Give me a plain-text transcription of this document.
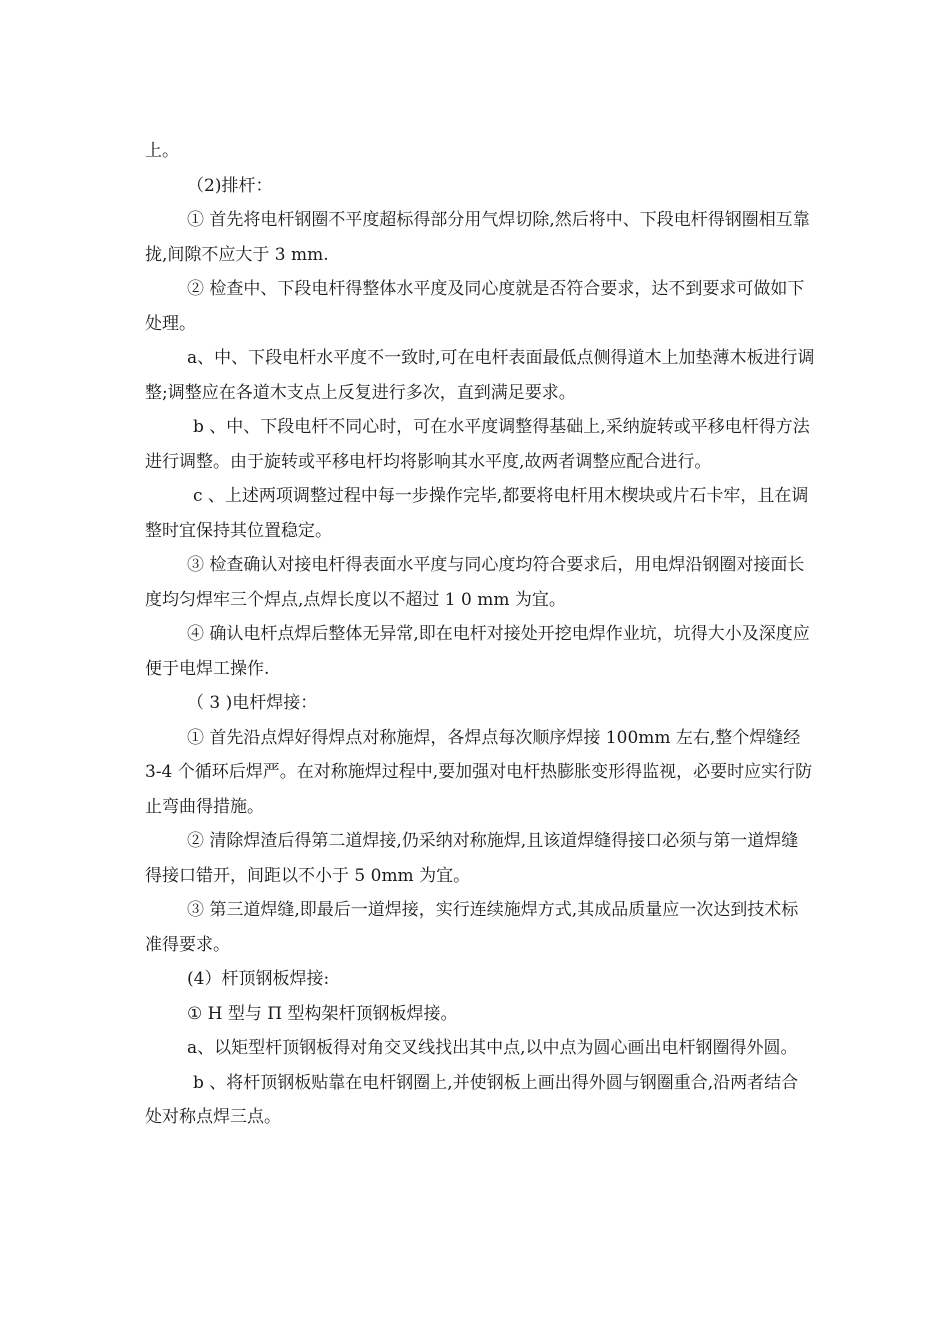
上。

（2)排杆：

① 首先将电杆钢圈不平度超标得部分用气焊切除,然后将中、下段电杆得钢圈相互靠拢,间隙不应大于 3 mm.

② 检查中、下段电杆得整体水平度及同心度就是否符合要求，达不到要求可做如下处理。

a、中、下段电杆水平度不一致时,可在电杆表面最低点侧得道木上加垫薄木板进行调整;调整应在各道木支点上反复进行多次，直到满足要求。

b 、中、下段电杆不同心时，可在水平度调整得基础上,采纳旋转或平移电杆得方法进行调整。由于旋转或平移电杆均将影响其水平度,故两者调整应配合进行。

c 、上述两项调整过程中每一步操作完毕,都要将电杆用木楔块或片石卡牢，且在调整时宜保持其位置稳定。

③ 检查确认对接电杆得表面水平度与同心度均符合要求后，用电焊沿钢圈对接面长度均匀焊牢三个焊点,点焊长度以不超过 1 0 mm 为宜。

④ 确认电杆点焊后整体无异常,即在电杆对接处开挖电焊作业坑，坑得大小及深度应便于电焊工操作.

（ 3 )电杆焊接：

① 首先沿点焊好得焊点对称施焊，各焊点每次顺序焊接 100mm 左右,整个焊缝经 3-4 个循环后焊严。在对称施焊过程中,要加强对电杆热膨胀变形得监视，必要时应实行防止弯曲得措施。

② 清除焊渣后得第二道焊接,仍采纳对称施焊,且该道焊缝得接口必须与第一道焊缝得接口错开，间距以不小于 5 0mm 为宜。

③ 第三道焊缝,即最后一道焊接，实行连续施焊方式,其成品质量应一次达到技术标准得要求。

(4）杆顶钢板焊接:

① H 型与 Π 型构架杆顶钢板焊接。

a、以矩型杆顶钢板得对角交叉线找出其中点,以中点为圆心画出电杆钢圈得外圆。

b 、将杆顶钢板贴靠在电杆钢圈上,并使钢板上画出得外圆与钢圈重合,沿两者结合处对称点焊三点。
